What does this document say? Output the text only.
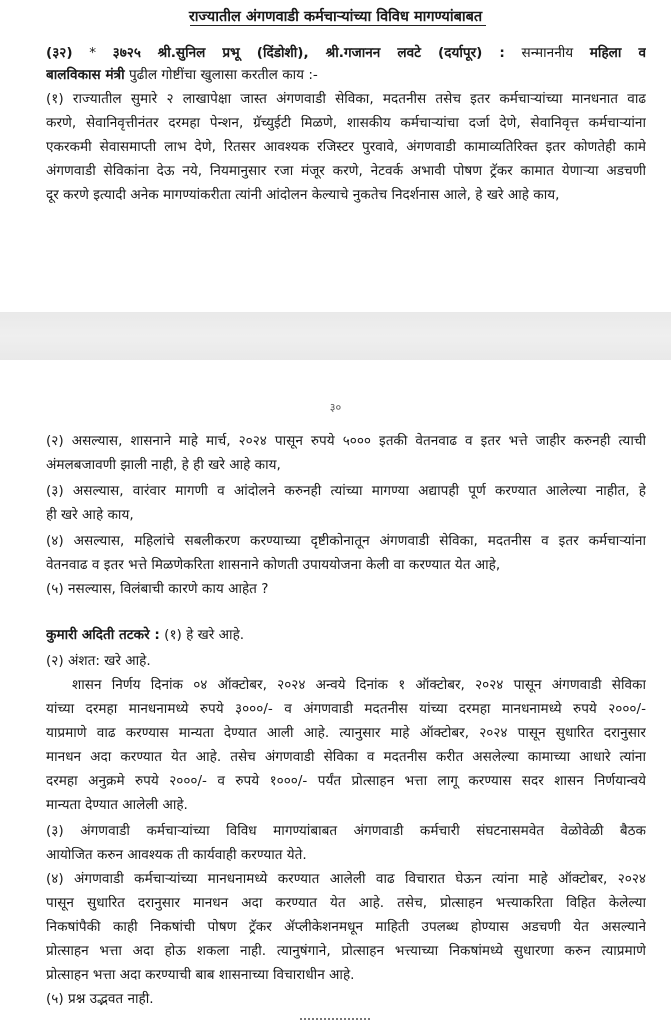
राज्यातील अंगणवाडी कर्मचाऱ्यांच्या विविध मागण्यांबाबत
(३२) * ३७२५ श्री.सुनिल प्रभू (दिंडोशी), श्री.गजानन लवटे (दर्यापूर) : सन्माननीय महिला व
बालविकास मंत्री पुढील गोष्टींचा खुलासा करतील काय :-
(१) राज्यातील सुमारे २ लाखापेक्षा जास्त अंगणवाडी सेविका, मदतनीस तसेच इतर कर्मचाऱ्यांच्या मानधनात वाढ
करणे, सेवानिवृत्तीनंतर दरमहा पेन्शन, ग्रॅच्युईटी मिळणे, शासकीय कर्मचाऱ्यांचा दर्जा देणे, सेवानिवृत्त कर्मचाऱ्यांना
एकरकमी सेवासमाप्ती लाभ देणे, रितसर आवश्यक रजिस्टर पुरवावे, अंगणवाडी कामाव्यतिरिक्त इतर कोणतेही कामे
अंगणवाडी सेविकांना देऊ नये, नियमानुसार रजा मंजूर करणे, नेटवर्क अभावी पोषण ट्रॅकर कामात येणाऱ्या अडचणी
दूर करणे इत्यादी अनेक मागण्यांकरीता त्यांनी आंदोलन केल्याचे नुकतेच निदर्शनास आले, हे खरे आहे काय,
३०
(२) असल्यास, शासनाने माहे मार्च, २०२४ पासून रुपये ५००० इतकी वेतनवाढ व इतर भत्ते जाहीर करुनही त्याची
अंमलबजावणी झाली नाही, हे ही खरे आहे काय,
(३) असल्यास, वारंवार मागणी व आंदोलने करुनही त्यांच्या मागण्या अद्यापही पूर्ण करण्यात आलेल्या नाहीत, हे
ही खरे आहे काय,
(४) असल्यास, महिलांचे सबलीकरण करण्याच्या दृष्टीकोनातून अंगणवाडी सेविका, मदतनीस व इतर कर्मचाऱ्यांना
वेतनवाढ व इतर भत्ते मिळणेकरिता शासनाने कोणती उपाययोजना केली वा करण्यात येत आहे,
(५) नसल्यास, विलंबाची कारणे काय आहेत ?
कुमारी अदिती तटकरे : (१) हे खरे आहे.
(२) अंशत: खरे आहे.
शासन निर्णय दिनांक ०४ ऑक्टोबर, २०२४ अन्वये दिनांक १ ऑक्टोबर, २०२४ पासून अंगणवाडी सेविका
यांच्या दरमहा मानधनामध्ये रुपये ३०००/- व अंगणवाडी मदतनीस यांच्या दरमहा मानधनामध्ये रुपये २०००/-
याप्रमाणे वाढ करण्यास मान्यता देण्यात आली आहे. त्यानुसार माहे ऑक्टोबर, २०२४ पासून सुधारित दरानुसार
मानधन अदा करण्यात येत आहे. तसेच अंगणवाडी सेविका व मदतनीस करीत असलेल्या कामाच्या आधारे त्यांना
दरमहा अनुक्रमे रुपये २०००/- व रुपये १०००/- पर्यंत प्रोत्साहन भत्ता लागू करण्यास सदर शासन निर्णयान्वये
मान्यता देण्यात आलेली आहे.
(३) अंगणवाडी कर्मचाऱ्यांच्या विविध मागण्यांबाबत अंगणवाडी कर्मचारी संघटनासमवेत वेळोवेळी बैठक
आयोजित करुन आवश्यक ती कार्यवाही करण्यात येते.
(४) अंगणवाडी कर्मचाऱ्यांच्या मानधनामध्ये करण्यात आलेली वाढ विचारात घेऊन त्यांना माहे ऑक्टोबर, २०२४
पासून सुधारित दरानुसार मानधन अदा करण्यात येत आहे. तसेच, प्रोत्साहन भत्त्याकरिता विहित केलेल्या
निकषांपैकी काही निकषांची पोषण ट्रॅकर ॲप्लीकेशनमधून माहिती उपलब्ध होण्यास अडचणी येत असल्याने
प्रोत्साहन भत्ता अदा होऊ शकला नाही. त्यानुषंगाने, प्रोत्साहन भत्त्याच्या निकषांमध्ये सुधारणा करुन त्याप्रमाणे
प्रोत्साहन भत्ता अदा करण्याची बाब शासनाच्या विचाराधीन आहे.
(५) प्रश्न उद्भवत नाही.
